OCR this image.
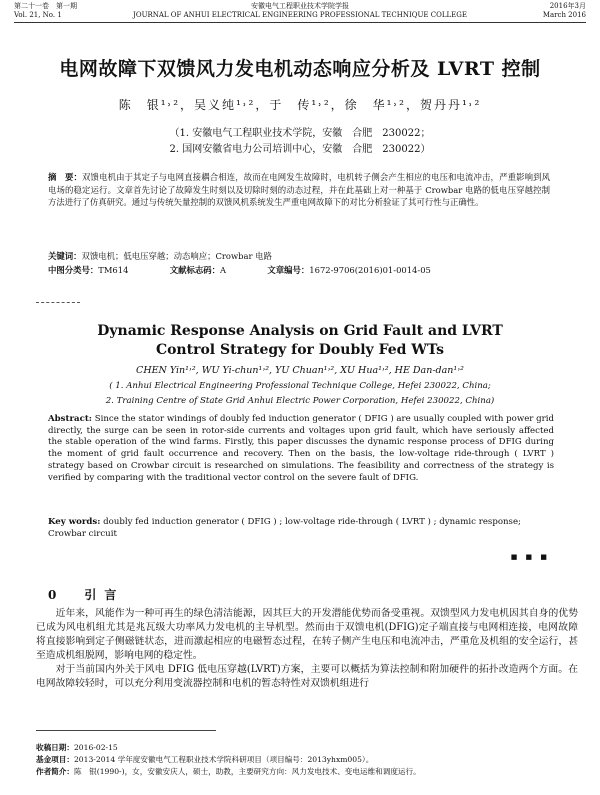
第二十一卷　第一期
Vol. 21, No. 1
安徽电气工程职业技术学院学报
JOURNAL OF ANHUI ELECTRICAL ENGINEERING PROFESSIONAL TECHNIQUE COLLEGE
2016年3月
March 2016
电网故障下双馈风力发电机动态响应分析及 LVRT 控制
陈　银¹˒²，吴义纯¹˒²，于　传¹˒²，徐　华¹˒²，贺丹丹¹˒²
（1. 安徽电气工程职业技术学院，安徽　合肥　230022；
2. 国网安徽省电力公司培训中心，安徽　合肥　230022）
摘　要：双馈电机由于其定子与电网直接耦合相连，故而在电网发生故障时，电机转子侧会产生相应的电压和电流冲击，严重影响到风电场的稳定运行。文章首先讨论了故障发生时刻以及切除时刻的动态过程，并在此基础上对一种基于 Crowbar 电路的低电压穿越控制方法进行了仿真研究。通过与传统矢量控制的双馈风机系统发生严重电网故障下的对比分析验证了其可行性与正确性。
关键词：双馈电机；低电压穿越；动态响应；Crowbar 电路
中图分类号：TM614	文献标志码：A	文章编号：1672-9706(2016)01-0014-05
Dynamic Response Analysis on Grid Fault and LVRT
Control Strategy for Doubly Fed WTs
CHEN Yin¹˒², WU Yi-chun¹˒², YU Chuan¹˒², XU Hua¹˒², HE Dan-dan¹˒²
( 1. Anhui Electrical Engineering Professional Technique College, Hefei 230022, China;
2. Training Centre of State Grid Anhui Electric Power Corporation, Hefei 230022, China)
Abstract: Since the stator windings of doubly fed induction generator ( DFIG ) are usually coupled with power grid directly, the surge can be seen in rotor-side currents and voltages upon grid fault, which have seriously affected the stable operation of the wind farms. Firstly, this paper discusses the dynamic response process of DFIG during the moment of grid fault occurrence and recovery. Then on the basis, the low-voltage ride-through ( LVRT ) strategy based on Crowbar circuit is researched on simulations. The feasibility and correctness of the strategy is verified by comparing with the traditional vector control on the severe fault of DFIG.
Key words: doubly fed induction generator ( DFIG ) ; low-voltage ride-through ( LVRT ) ; dynamic response; Crowbar circuit
■ ■ ■
0　引言

近年来，风能作为一种可再生的绿色清洁能源，因其巨大的开发潜能优势而备受重视。双馈型风力发电机因其自身的优势已成为风电机组尤其是兆瓦级大功率风力发电机的主导机型。然而由于双馈电机(DFIG)定子端直接与电网相连接，电网故障将直接影响到定子侧磁链状态，进而激起相应的电磁暂态过程，在转子侧产生电压和电流冲击，严重危及机组的安全运行，甚至造成机组脱网，影响电网的稳定性。

对于当前国内外关于风电 DFIG 低电压穿越(LVRT)方案，主要可以概括为算法控制和附加硬件的拓扑改造两个方面。在电网故障较轻时，可以充分利用变流器控制和电机的暂态特性对双馈机组进行

收稿日期：2016-02-15
基金项目：2013-2014 学年度安徽电气工程职业技术学院科研项目（项目编号：2013yhxm005）。
作者简介：陈　银(1990-)，女，安徽安庆人，硕士，助教，主要研究方向：风力发电技术、变电运维和调度运行。
